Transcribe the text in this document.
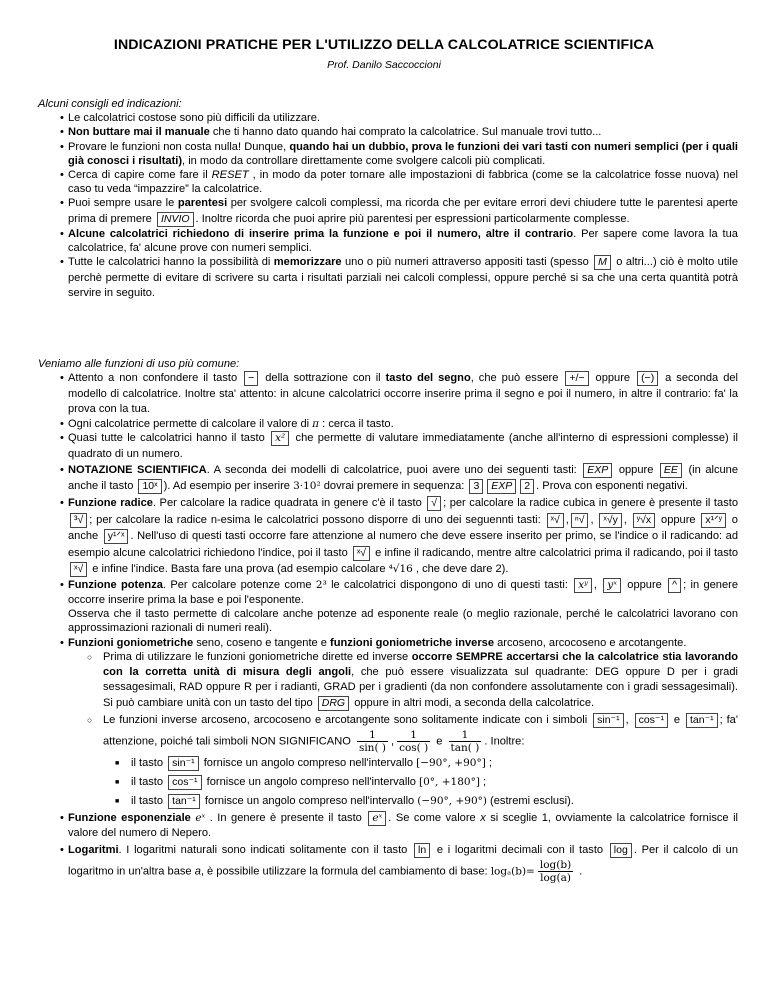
INDICAZIONI PRATICHE PER L'UTILIZZO DELLA CALCOLATRICE SCIENTIFICA
Prof. Danilo Saccoccioni
Alcuni consigli ed indicazioni:
• Le calcolatrici costose sono più difficili da utilizzare.
• Non buttare mai il manuale che ti hanno dato quando hai comprato la calcolatrice. Sul manuale trovi tutto...
• Provare le funzioni non costa nulla! Dunque, quando hai un dubbio, prova le funzioni dei vari tasti con numeri semplici (per i quali già conosci i risultati), in modo da controllare direttamente come svolgere calcoli più complicati.
• Cerca di capire come fare il RESET , in modo da poter tornare alle impostazioni di fabbrica (come se la calcolatrice fosse nuova) nel caso tu veda “impazzire” la calcolatrice.
• Puoi sempre usare le parentesi per svolgere calcoli complessi, ma ricorda che per evitare errori devi chiudere tutte le parentesi aperte prima di premere INVIO . Inoltre ricorda che puoi aprire più parentesi per espressioni particolarmente complesse.
• Alcune calcolatrici richiedono di inserire prima la funzione e poi il numero, altre il contrario. Per sapere come lavora la tua calcolatrice, fa' alcune prove con numeri semplici.
• Tutte le calcolatrici hanno la possibilità di memorizzare uno o più numeri attraverso appositi tasti (spesso M o altri...) ciò è molto utile perchè permette di evitare di scrivere su carta i risultati parziali nei calcoli complessi, oppure perché si sa che una certa quantità potrà servire in seguito.
Veniamo alle funzioni di uso più comune:
• Attento a non confondere il tasto − della sottrazione con il tasto del segno, che può essere +/− oppure (−) a seconda del modello di calcolatrice. Inoltre sta' attento: in alcune calcolatrici occorre inserire prima il segno e poi il numero, in altre il contrario: fa' la prova con la tua.
• Ogni calcolatrice permette di calcolare il valore di π : cerca il tasto.
• Quasi tutte le calcolatrici hanno il tasto x² che permette di valutare immediatamente (anche all'interno di espressioni complesse) il quadrato di un numero.
• NOTAZIONE SCIENTIFICA. A seconda dei modelli di calcolatrice, puoi avere uno dei seguenti tasti: EXP oppure EE (in alcune anche il tasto 10ˣ ). Ad esempio per inserire 3·10² dovrai premere in sequenza: 3 EXP 2 . Prova con esponenti negativi.
• Funzione radice. Per calcolare la radice quadrata in genere c'è il tasto √ ; per calcolare la radice cubica in genere è presente il tasto ³√ ; per calcolare la radice n-esima le calcolatrici possono disporre di uno dei seguennti tasti: ˣ√ , ⁿ√ , ˣ√y , ʸ√x oppure x¹ᐟʸ o anche y¹ᐟˣ . Nell'uso di questi tasti occorre fare attenzione al numero che deve essere inserito per primo, se l'indice o il radicando: ad esempio alcune calcolatrici richiedono l'indice, poi il tasto ˣ√ e infine il radicando, mentre altre calcolatrici prima il radicando, poi il tasto ˣ√ e infine l'indice. Basta fare una prova (ad esempio calcolare ⁴√16 , che deve dare 2).
• Funzione potenza. Per calcolare potenze come 2³ le calcolatrici dispongono di uno di questi tasti: xʸ , yˣ oppure ^ ; in genere occorre inserire prima la base e poi l'esponente.
Osserva che il tasto permette di calcolare anche potenze ad esponente reale (o meglio razionale, perché le calcolatrici lavorano con approssimazioni razionali di numeri reali).
• Funzioni goniometriche seno, coseno e tangente e funzioni goniometriche inverse arcoseno, arcocoseno e arcotangente.
○ Prima di utilizzare le funzioni goniometriche dirette ed inverse occorre SEMPRE accertarsi che la calcolatrice stia lavorando con la corretta unità di misura degli angoli, che può essere visualizzata sul quadrante: DEG oppure D per i gradi sessagesimali, RAD oppure R per i radianti, GRAD per i gradienti (da non confondere assolutamente con i gradi sessagesimali). Si può cambiare unità con un tasto del tipo DRG oppure in altri modi, a seconda della calcolatrice.
○ Le funzioni inverse arcoseno, arcocoseno e arcotangente sono solitamente indicate con i simboli sin⁻¹ , cos⁻¹ e tan⁻¹ ; fa' attenzione, poiché tali simboli NON SIGNIFICANO $\frac{1}{\sin( )}$ , $\frac{1}{\cos( )}$ e $\frac{1}{\tan( )}$ . Inoltre:
■ il tasto sin⁻¹ fornisce un angolo compreso nell'intervallo [−90°, +90°] ;
■ il tasto cos⁻¹ fornisce un angolo compreso nell'intervallo [0°, +180°] ;
■ il tasto tan⁻¹ fornisce un angolo compreso nell'intervallo (−90°, +90°) (estremi esclusi).
• Funzione esponenziale eˣ . In genere è presente il tasto eˣ . Se come valore x si sceglie 1, ovviamente la calcolatrice fornisce il valore del numero di Nepero.
• Logaritmi. I logaritmi naturali sono indicati solitamente con il tasto ln e i logaritmi decimali con il tasto log . Per il calcolo di un logaritmo in un'altra base a, è possibile utilizzare la formula del cambiamento di base: $\log_a(b)= \frac{\log(b)}{\log(a)}$ .
